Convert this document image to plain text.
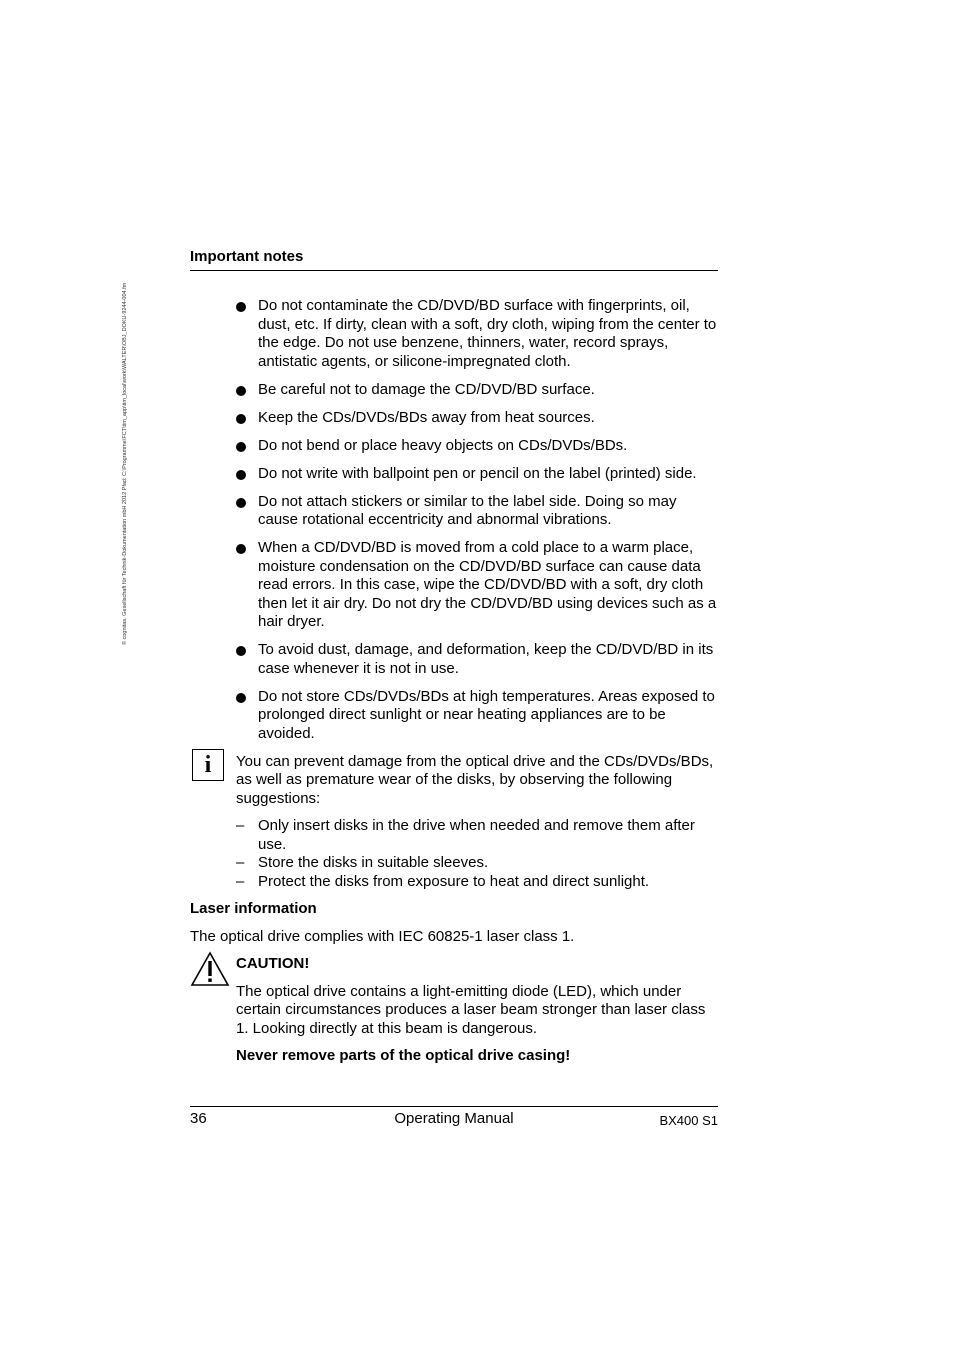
© cognitas. Gesellschaft für Technik-Dokumentation mbH 2012 Pfad: C:\Programme\FCT\tim_app\tim_local\work\WALTER\OBJ_DOKU-9244-004.fm
Important notes
Do not contaminate the CD/DVD/BD surface with fingerprints, oil, dust, etc. If dirty, clean with a soft, dry cloth, wiping from the center to the edge. Do not use benzene, thinners, water, record sprays, antistatic agents, or silicone-impregnated cloth.
Be careful not to damage the CD/DVD/BD surface.
Keep the CDs/DVDs/BDs away from heat sources.
Do not bend or place heavy objects on CDs/DVDs/BDs.
Do not write with ballpoint pen or pencil on the label (printed) side.
Do not attach stickers or similar to the label side. Doing so may cause rotational eccentricity and abnormal vibrations.
When a CD/DVD/BD is moved from a cold place to a warm place, moisture condensation on the CD/DVD/BD surface can cause data read errors. In this case, wipe the CD/DVD/BD with a soft, dry cloth then let it air dry. Do not dry the CD/DVD/BD using devices such as a hair dryer.
To avoid dust, damage, and deformation, keep the CD/DVD/BD in its case whenever it is not in use.
Do not store CDs/DVDs/BDs at high temperatures. Areas exposed to prolonged direct sunlight or near heating appliances are to be avoided.
i	You can prevent damage from the optical drive and the CDs/DVDs/BDs, as well as premature wear of the disks, by observing the following suggestions:

– Only insert disks in the drive when needed and remove them after use.
– Store the disks in suitable sleeves.
– Protect the disks from exposure to heat and direct sunlight.
Laser information

The optical drive complies with IEC 60825-1 laser class 1.

CAUTION!

The optical drive contains a light-emitting diode (LED), which under certain circumstances produces a laser beam stronger than laser class 1. Looking directly at this beam is dangerous.

Never remove parts of the optical drive casing!
36	Operating Manual	BX400 S1
